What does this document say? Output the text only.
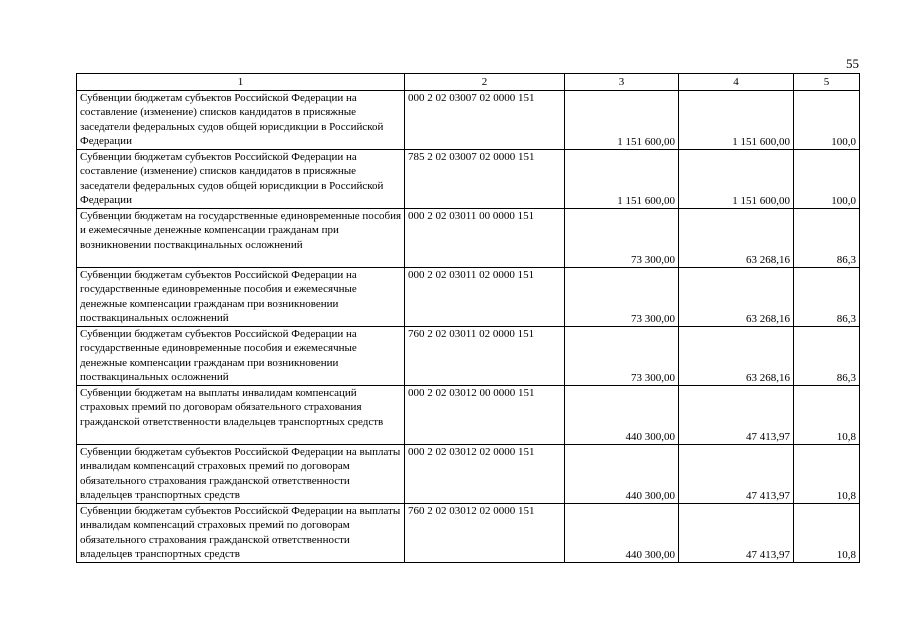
55
1	2	3	4	5
Субвенции бюджетам субъектов Российской Федерации на составление (изменение) списков кандидатов в присяжные заседатели федеральных судов общей юрисдикции в Российской Федерации	000 2 02 03007 02 0000 151	1 151 600,00	1 151 600,00	100,0
Субвенции бюджетам субъектов Российской Федерации на составление (изменение) списков кандидатов в присяжные заседатели федеральных судов общей юрисдикции в Российской Федерации	785 2 02 03007 02 0000 151	1 151 600,00	1 151 600,00	100,0
Субвенции бюджетам на государственные единовременные пособия и ежемесячные денежные компенсации гражданам при возникновении поствакцинальных осложнений	000 2 02 03011 00 0000 151	73 300,00	63 268,16	86,3
Субвенции бюджетам субъектов Российской Федерации на государственные единовременные пособия и ежемесячные денежные компенсации гражданам при возникновении поствакцинальных осложнений	000 2 02 03011 02 0000 151	73 300,00	63 268,16	86,3
Субвенции бюджетам субъектов Российской Федерации на государственные единовременные пособия и ежемесячные денежные компенсации гражданам при возникновении поствакцинальных осложнений	760 2 02 03011 02 0000 151	73 300,00	63 268,16	86,3
Субвенции бюджетам на выплаты инвалидам компенсаций страховых премий по договорам обязательного страхования гражданской ответственности владельцев транспортных средств	000 2 02 03012 00 0000 151	440 300,00	47 413,97	10,8
Субвенции бюджетам субъектов Российской Федерации на выплаты инвалидам компенсаций страховых премий по договорам обязательного страхования гражданской ответственности владельцев транспортных средств	000 2 02 03012 02 0000 151	440 300,00	47 413,97	10,8
Субвенции бюджетам субъектов Российской Федерации на выплаты инвалидам компенсаций страховых премий по договорам обязательного страхования гражданской ответственности владельцев транспортных средств	760 2 02 03012 02 0000 151	440 300,00	47 413,97	10,8
